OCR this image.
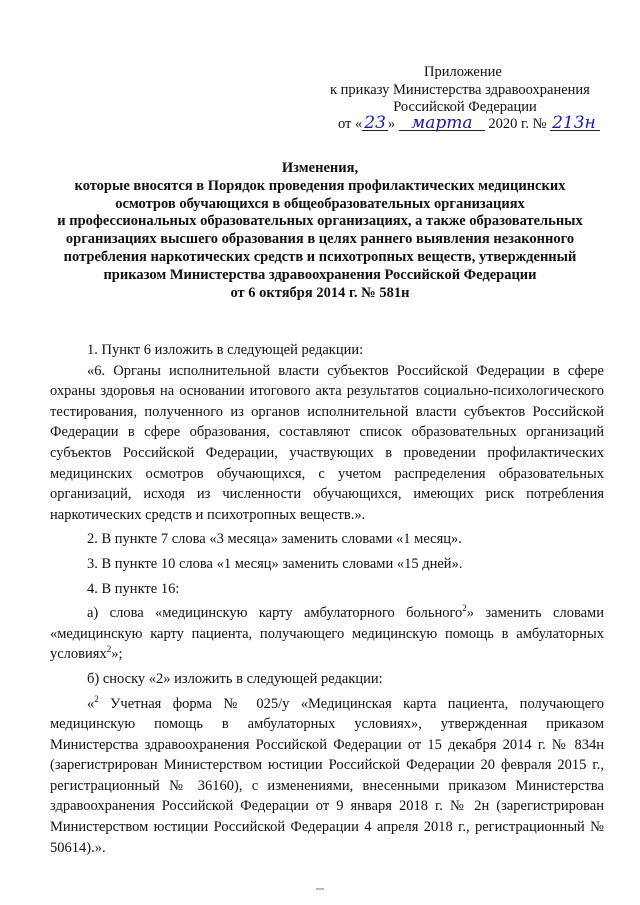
Приложение
к приказу Министерства здравоохранения
Российской Федерации
от « 23 » марта 2020 г. № 213н
Изменения,
которые вносятся в Порядок проведения профилактических медицинских
осмотров обучающихся в общеобразовательных организациях
и профессиональных образовательных организациях, а также образовательных
организациях высшего образования в целях раннего выявления незаконного
потребления наркотических средств и психотропных веществ, утвержденный
приказом Министерства здравоохранения Российской Федерации
от 6 октября 2014 г. № 581н

1. Пункт 6 изложить в следующей редакции:

«6. Органы исполнительной власти субъектов Российской Федерации в сфере охраны здоровья на основании итогового акта результатов социально-психологического тестирования, полученного из органов исполнительной власти субъектов Российской Федерации в сфере образования, составляют список образовательных организаций субъектов Российской Федерации, участвующих в проведении профилактических медицинских осмотров обучающихся, с учетом распределения образовательных организаций, исходя из численности обучающихся, имеющих риск потребления наркотических средств и психотропных веществ.».

2. В пункте 7 слова «3 месяца» заменить словами «1 месяц».

3. В пункте 10 слова «1 месяц» заменить словами «15 дней».

4. В пункте 16:

а) слова «медицинскую карту амбулаторного больного$^2$» заменить словами «медицинскую карту пациента, получающего медицинскую помощь в амбулаторных условиях$^2$»;

б) сноску «2» изложить в следующей редакции:

«$^2$ Учетная форма № 025/у «Медицинская карта пациента, получающего медицинскую помощь в амбулаторных условиях», утвержденная приказом Министерства здравоохранения Российской Федерации от 15 декабря 2014 г. № 834н (зарегистрирован Министерством юстиции Российской Федерации 20 февраля 2015 г., регистрационный № 36160), с изменениями, внесенными приказом Министерства здравоохранения Российской Федерации от 9 января 2018 г. № 2н (зарегистрирован Министерством юстиции Российской Федерации 4 апреля 2018 г., регистрационный № 50614).».
